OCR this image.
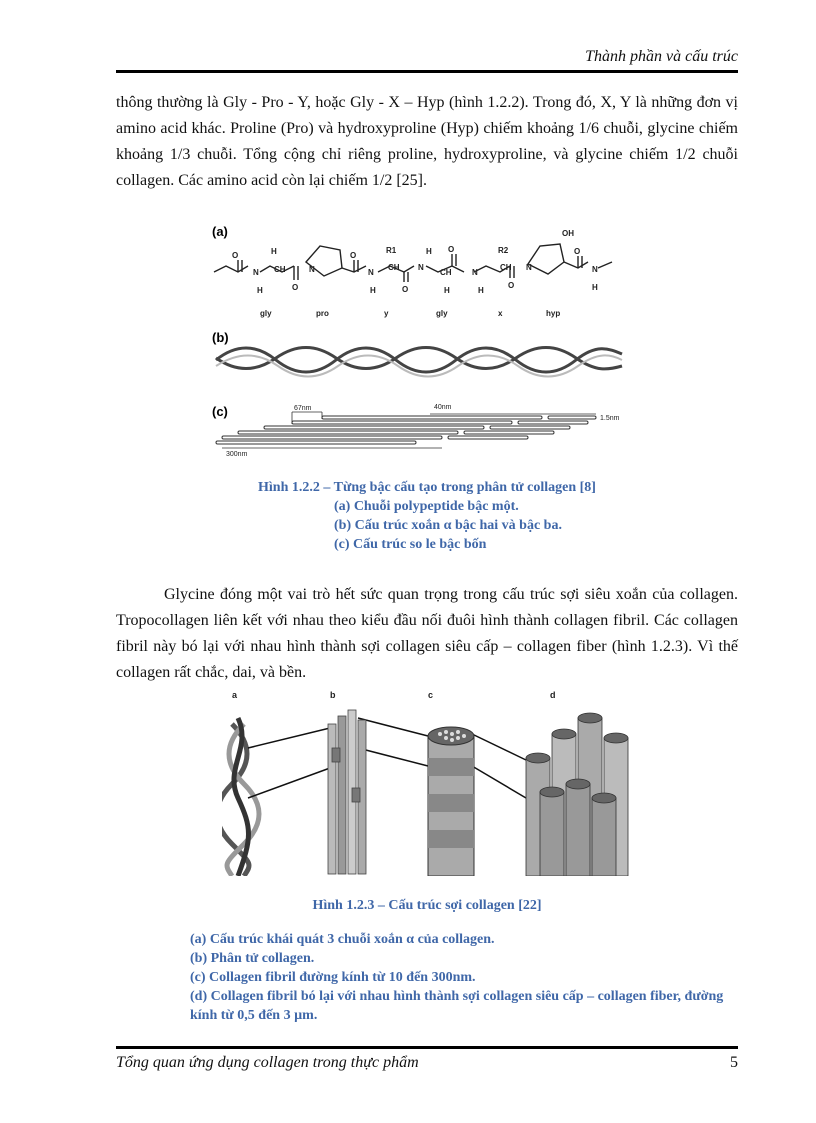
Thành phần và cấu trúc

thông thường là Gly - Pro - Y, hoặc Gly - X – Hyp (hình 1.2.2). Trong đó, X, Y là những đơn vị amino acid khác. Proline (Pro) và hydroxyproline (Hyp) chiếm khoảng 1/6 chuỗi, glycine chiếm khoảng 1/3 chuỗi. Tổng cộng chỉ riêng proline, hydroxyproline, và glycine chiếm 1/2 chuỗi collagen. Các amino acid còn lại chiếm 1/2 [25].

(a)
O
N
H
H
CH
O
N
O
N
H
R1
CH
O
N
H
CH
H
O
N
H
R2
CH
O
N
OH
O
N
H
gly	pro	y	gly	x	hyp
(b)
(c)	67nm	40nm
1.5nm
300nm
Hình 1.2.2 – Từng bậc cấu tạo trong phân tử collagen [8]
(a) Chuỗi polypeptide bậc một.
(b) Cấu trúc xoắn α bậc hai và bậc ba.
(c) Cấu trúc so le bậc bốn

Glycine đóng một vai trò hết sức quan trọng trong cấu trúc sợi siêu xoắn của collagen. Tropocollagen liên kết với nhau theo kiểu đầu nối đuôi hình thành collagen fibril. Các collagen fibril này bó lại với nhau hình thành sợi collagen siêu cấp – collagen fiber (hình 1.2.3). Vì thế collagen rất chắc, dai, và bền.

a	b	c	d
Hình 1.2.3 – Cấu trúc sợi collagen [22]
(a) Cấu trúc khái quát 3 chuỗi xoắn α của collagen.
(b) Phân tử collagen.
(c) Collagen fibril đường kính từ 10 đến 300nm.
(d) Collagen fibril bó lại với nhau hình thành sợi collagen siêu cấp – collagen fiber, đường kính từ 0,5 đến 3 µm.
Tổng quan ứng dụng collagen trong thực phẩm	5
